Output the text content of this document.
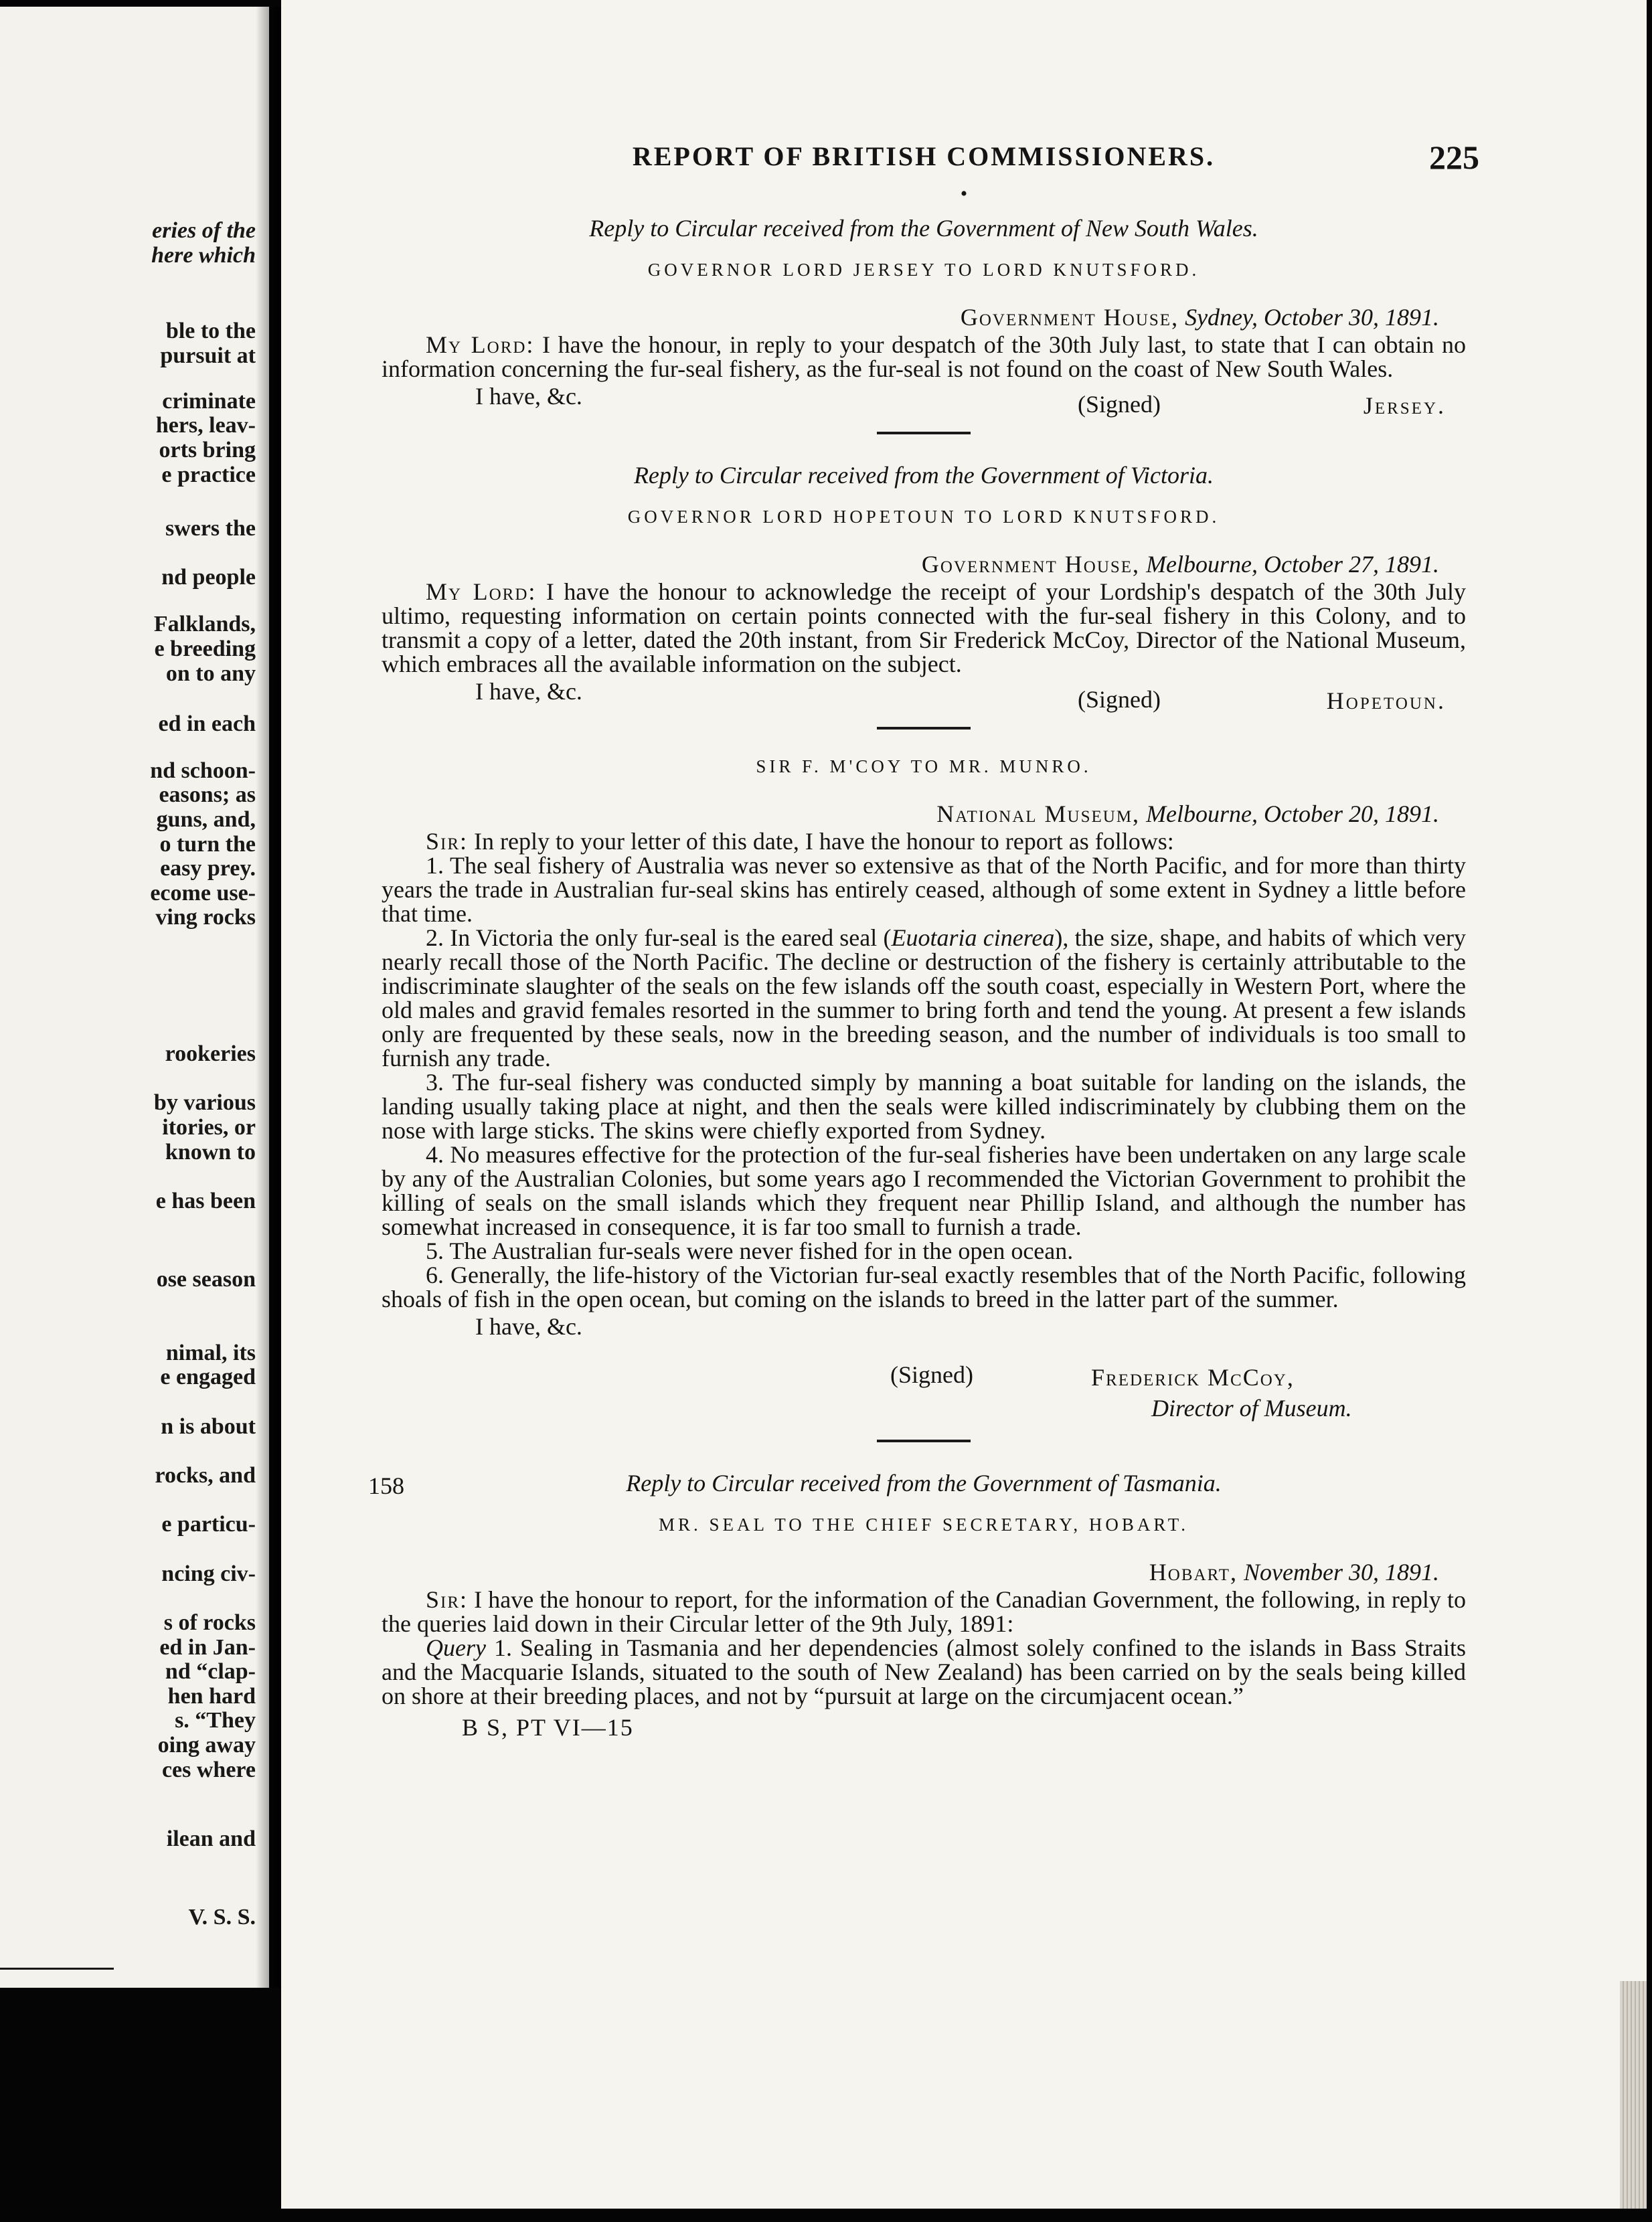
eries of the
here which
ble to the
pursuit at
criminate
hers, leav-
orts bring
e practice
swers the
nd people
Falklands,
e breeding
on to any
ed in each
nd schoon-
easons; as
guns, and,
o turn the
easy prey.
ecome use-
ving rocks
rookeries
by various
itories, or
known to
e has been
ose season
nimal, its
e engaged
n is about
rocks, and
e particu-
ncing civ-
s of rocks
ed in Jan-
nd “clap-
hen hard
s. “They
oing away
ces where
ilean and
V. S. S.
REPORT OF BRITISH COMMISSIONERS.	225
•
Reply to Circular received from the Government of New South Wales.
GOVERNOR LORD JERSEY TO LORD KNUTSFORD.
Government House, Sydney, October 30, 1891.

My Lord: I have the honour, in reply to your despatch of the 30th July last, to state that I can obtain no information concerning the fur-seal fishery, as the fur-seal is not found on the coast of New South Wales.

I have, &c.	(Signed)	Jersey.
Reply to Circular received from the Government of Victoria.
GOVERNOR LORD HOPETOUN TO LORD KNUTSFORD.
Government House, Melbourne, October 27, 1891.

My Lord: I have the honour to acknowledge the receipt of your Lordship's despatch of the 30th July ultimo, requesting information on certain points connected with the fur-seal fishery in this Colony, and to transmit a copy of a letter, dated the 20th instant, from Sir Frederick McCoy, Director of the National Museum, which embraces all the available information on the subject.

I have, &c.	(Signed)	Hopetoun.
SIR F. M'COY TO MR. MUNRO.
National Museum, Melbourne, October 20, 1891.

Sir: In reply to your letter of this date, I have the honour to report as follows:

1. The seal fishery of Australia was never so extensive as that of the North Pacific, and for more than thirty years the trade in Australian fur-seal skins has entirely ceased, although of some extent in Sydney a little before that time.

2. In Victoria the only fur-seal is the eared seal (Euotaria cinerea), the size, shape, and habits of which very nearly recall those of the North Pacific. The decline or destruction of the fishery is certainly attributable to the indiscriminate slaughter of the seals on the few islands off the south coast, especially in Western Port, where the old males and gravid females resorted in the summer to bring forth and tend the young. At present a few islands only are frequented by these seals, now in the breeding season, and the number of individuals is too small to furnish any trade.

3. The fur-seal fishery was conducted simply by manning a boat suitable for landing on the islands, the landing usually taking place at night, and then the seals were killed indiscriminately by clubbing them on the nose with large sticks. The skins were chiefly exported from Sydney.

4. No measures effective for the protection of the fur-seal fisheries have been undertaken on any large scale by any of the Australian Colonies, but some years ago I recommended the Victorian Government to prohibit the killing of seals on the small islands which they frequent near Phillip Island, and although the number has somewhat increased in consequence, it is far too small to furnish a trade.

5. The Australian fur-seals were never fished for in the open ocean.

6. Generally, the life-history of the Victorian fur-seal exactly resembles that of the North Pacific, following shoals of fish in the open ocean, but coming on the islands to breed in the latter part of the summer.

I have, &c.
(Signed)	Frederick McCoy,
Director of Museum.
158	Reply to Circular received from the Government of Tasmania.
MR. SEAL TO THE CHIEF SECRETARY, HOBART.
Hobart, November 30, 1891.

Sir: I have the honour to report, for the information of the Canadian Government, the following, in reply to the queries laid down in their Circular letter of the 9th July, 1891:

Query 1. Sealing in Tasmania and her dependencies (almost solely confined to the islands in Bass Straits and the Macquarie Islands, situated to the south of New Zealand) has been carried on by the seals being killed on shore at their breeding places, and not by “pursuit at large on the circumjacent ocean.”

B S, PT VI—15
